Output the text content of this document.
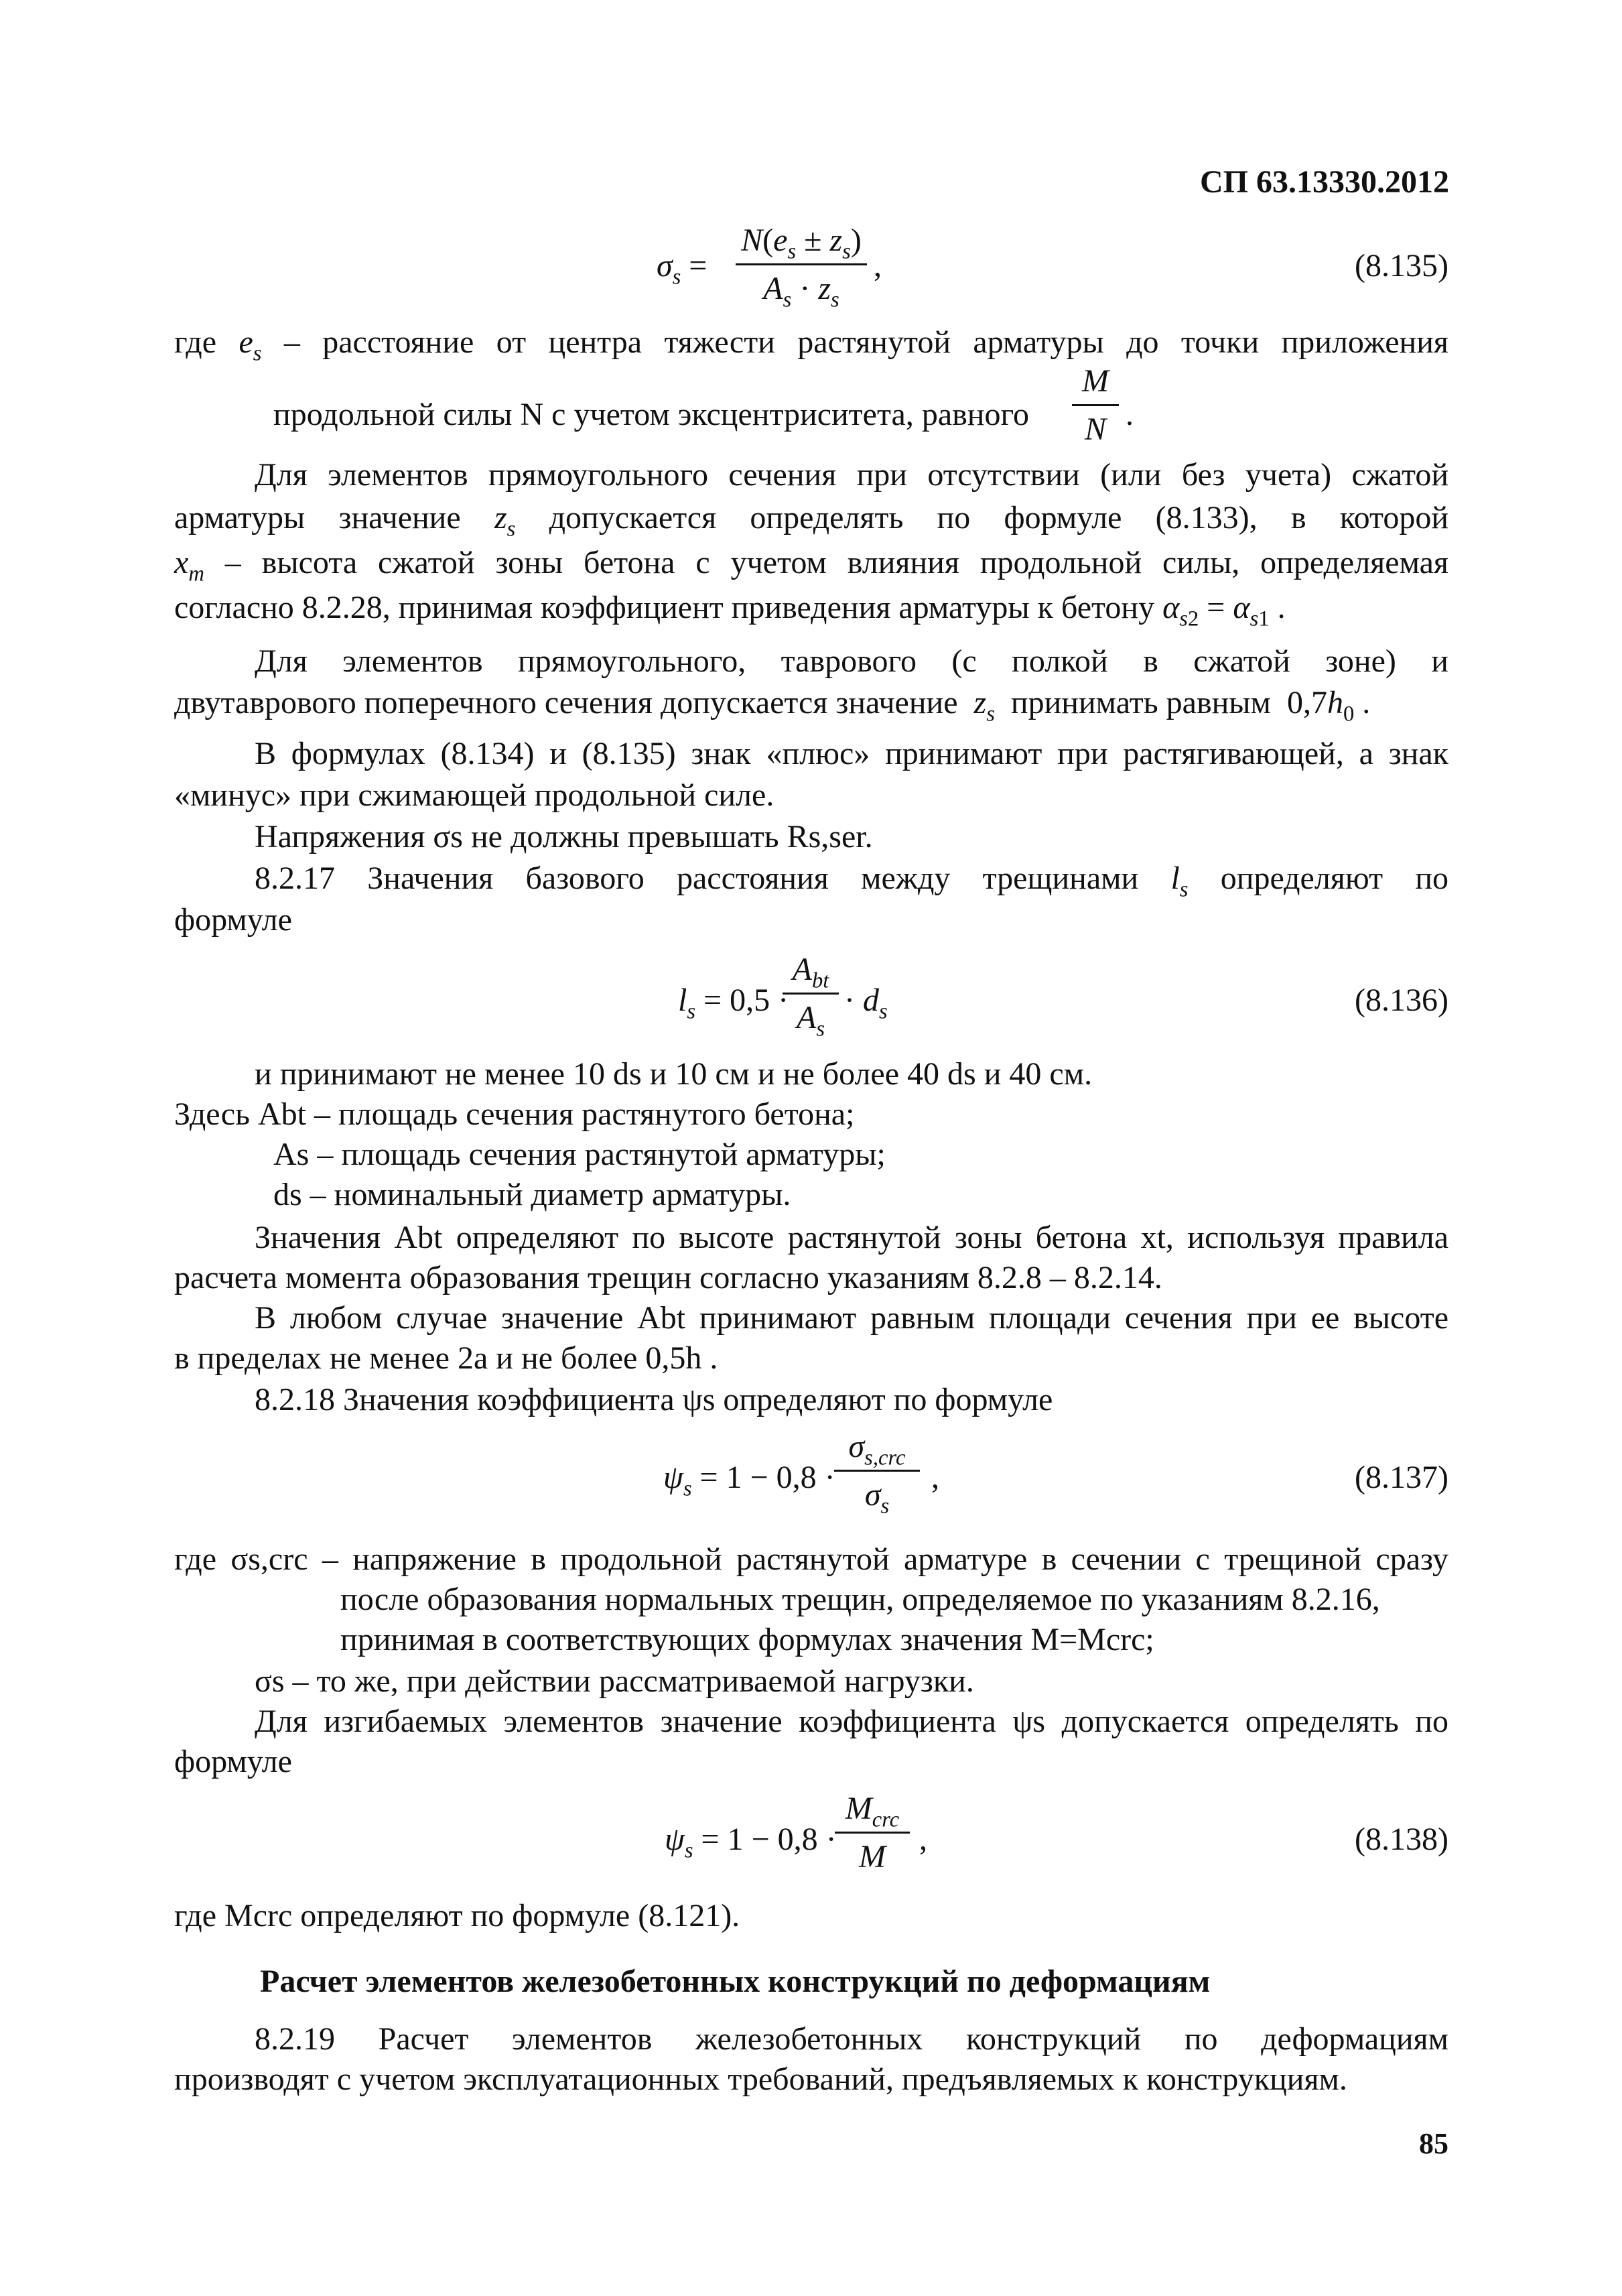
СП 63.13330.2012
$\sigma_s$ =
$N(e_s \pm z_s)$
$A_s \cdot z_s$
,	(8.135)
где $e_s$ – расстояние от центра тяжести растянутой арматуры до точки приложения
продольной силы N с учетом эксцентриситета, равного
M
N .
Для элементов прямоугольного сечения при отсутствии (или без учета) сжатой
арматуры значение $z_s$ допускается определять по формуле (8.133), в которой
$x_m$ – высота сжатой зоны бетона с учетом влияния продольной силы, определяемая
согласно 8.2.28, принимая коэффициент приведения арматуры к бетону $\alpha_{s2} = \alpha_{s1}$ .
Для элементов прямоугольного, таврового (с полкой в сжатой зоне) и
двутаврового поперечного сечения допускается значение $z_s$ принимать равным  $0,7h_0$ .
В формулах (8.134) и (8.135) знак «плюс» принимают при растягивающей, а знак
«минус» при сжимающей продольной силе.
Напряжения σs не должны превышать Rs,ser.
8.2.17 Значения базового расстояния между трещинами $l_s$ определяют по
формуле
$l_s = 0,5$ ·
$A_{bt}$
$A_s$
· $d_s$	(8.136)
и принимают не менее 10 ds и 10 см и не более 40 ds и 40 см.
Здесь Abt – площадь сечения растянутого бетона;
As – площадь сечения растянутой арматуры;
ds – номинальный диаметр арматуры.
Значения Abt определяют по высоте растянутой зоны бетона xt, используя правила
расчета момента образования трещин согласно указаниям 8.2.8 – 8.2.14.
В любом случае значение Abt принимают равным площади сечения при ее высоте
в пределах не менее 2a и не более 0,5h .
8.2.18 Значения коэффициента ψs определяют по формуле
$\psi_s = 1 - 0,8$ ·
$\sigma_{s,crc}$
$\sigma_s$
,	(8.137)
где σs,crc – напряжение в продольной растянутой арматуре в сечении с трещиной сразу
после образования нормальных трещин, определяемое по указаниям 8.2.16,
принимая в соответствующих формулах значения M=Mcrc;
σs – то же, при действии рассматриваемой нагрузки.
Для изгибаемых элементов значение коэффициента ψs допускается определять по
формуле
$\psi_s = 1 - 0,8$ ·
$M_{crc}$
M	,	(8.138)
где Mcrc определяют по формуле (8.121).
Расчет элементов железобетонных конструкций по деформациям
8.2.19 Расчет элементов железобетонных конструкций по деформациям
производят с учетом эксплуатационных требований, предъявляемых к конструкциям.
85
